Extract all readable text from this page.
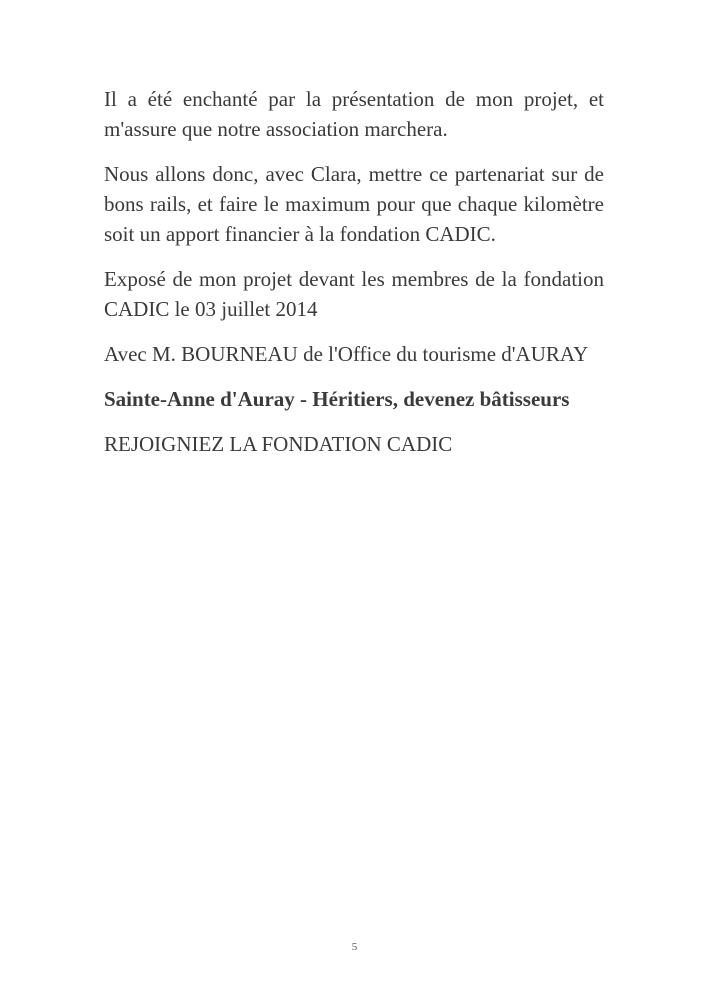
Il a été enchanté par la présentation de mon projet, et m'assure que notre association marchera.

Nous allons donc, avec Clara, mettre ce partenariat sur de bons rails, et faire le maximum pour que chaque kilomètre soit un apport financier à la fondation CADIC.

Exposé de mon projet devant les membres de la fondation CADIC le 03 juillet 2014

Avec M. BOURNEAU de l'Office du tourisme d'AURAY

Sainte-Anne d'Auray - Héritiers, devenez bâtisseurs

REJOIGNIEZ LA FONDATION CADIC

5
